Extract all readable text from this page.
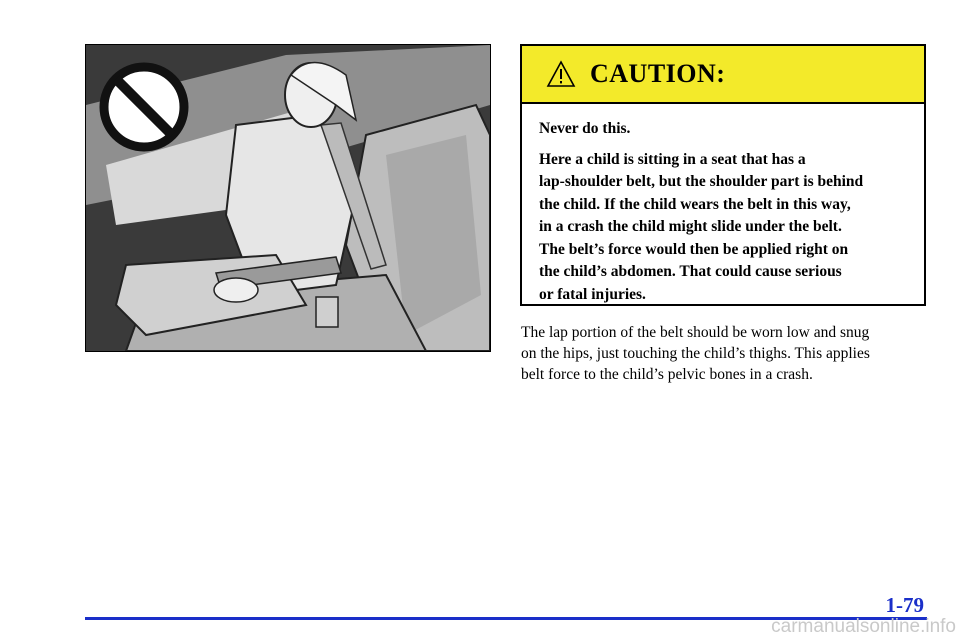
CAUTION:

Never do this.

Here a child is sitting in a seat that has a

lap-shoulder belt, but the shoulder part is behind

the child. If the child wears the belt in this way,

in a crash the child might slide under the belt.

The belt’s force would then be applied right on

the child’s abdomen. That could cause serious

or fatal injuries.

The lap portion of the belt should be worn low and snug
on the hips, just touching the child’s thighs. This applies
belt force to the child’s pelvic bones in a crash.
1-79
carmanualsonline.info
